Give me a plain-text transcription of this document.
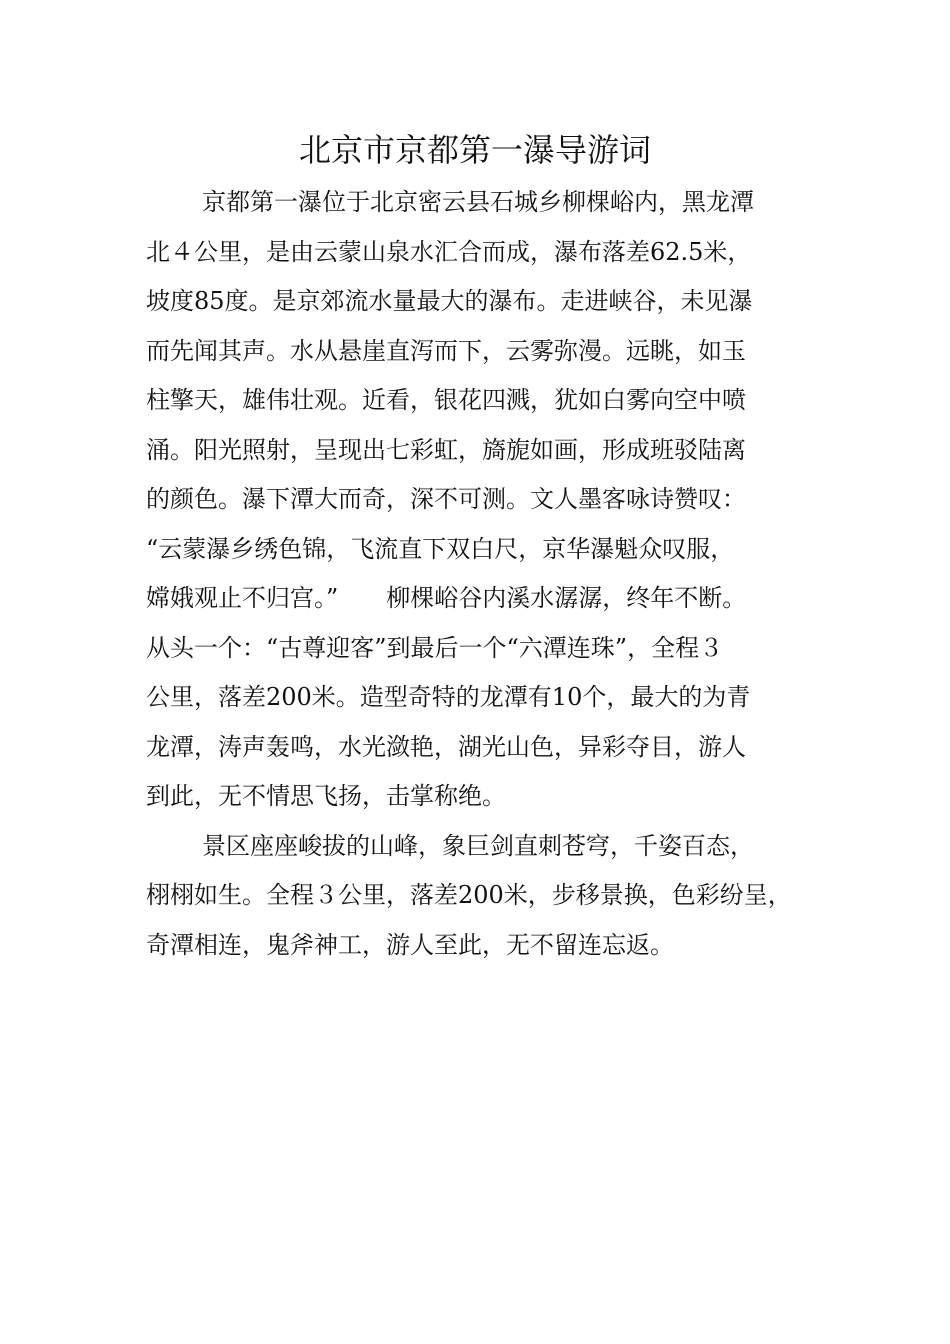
北京市京都第一瀑导游词
京都第一瀑位于北京密云县石城乡柳棵峪内，黑龙潭
北４公里，是由云蒙山泉水汇合而成，瀑布落差62.5米，
坡度85度。是京郊流水量最大的瀑布。走进峡谷，未见瀑
而先闻其声。水从悬崖直泻而下，云雾弥漫。远眺，如玉
柱擎天，雄伟壮观。近看，银花四溅，犹如白雾向空中喷
涌。阳光照射，呈现出七彩虹，旖旎如画，形成班驳陆离
的颜色。瀑下潭大而奇，深不可测。文人墨客咏诗赞叹：
“云蒙瀑乡绣色锦，飞流直下双白尺，京华瀑魁众叹服，
嫦娥观止不归宫。”　　柳棵峪谷内溪水潺潺，终年不断。
从头一个：“古尊迎客”到最后一个“六潭连珠”，全程３
公里，落差200米。造型奇特的龙潭有10个，最大的为青
龙潭，涛声轰鸣，水光潋艳，湖光山色，异彩夺目，游人
到此，无不情思飞扬，击掌称绝。
景区座座峻拔的山峰，象巨剑直刺苍穹，千姿百态，
栩栩如生。全程３公里，落差200米，步移景换，色彩纷呈，
奇潭相连，鬼斧神工，游人至此，无不留连忘返。
